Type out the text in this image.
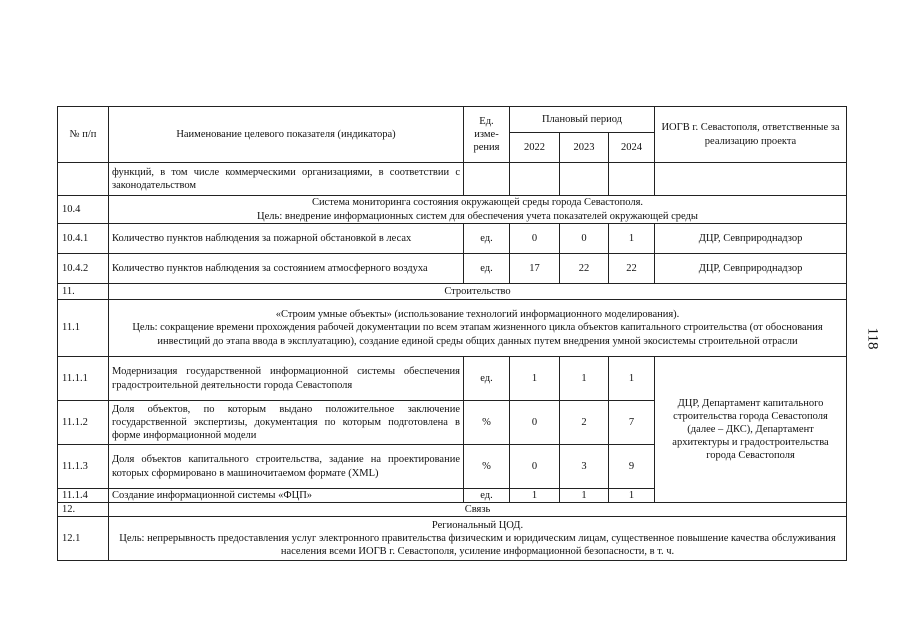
118
№ п/п	Наименование целевого показателя (индикатора)	Ед. изме-рения	Плановый период			ИОГВ г. Севастополя, ответственные за реализацию проекта
			2022	2023	2024	
	функций, в том числе коммерческими организациями, в соответствии с законодательством					
10.4	Система мониторинга состояния окружающей среды города Севастополя.
Цель: внедрение информационных систем для обеспечения учета показателей окружающей среды					

10.4.1	Количество пунктов наблюдения за пожарной обстановкой в лесах	ед.	0	0	1	ДЦР, Севприроднадзор
10.4.2	Количество пунктов наблюдения за состоянием атмосферного воздуха	ед.	17	22	22	ДЦР, Севприроднадзор
11.	Строительство					
11.1	«Строим умные объекты» (использование технологий информационного моделирования).
Цель: сокращение времени прохождения рабочей документации по всем этапам жизненного цикла объектов капитального строительства (от обоснования инвестиций до этапа ввода в эксплуатацию), создание единой среды общих данных путем внедрения умной экосистемы строительной отрасли					

11.1.1	Модернизация государственной информационной системы обеспечения градостроительной деятельности города Севастополя	ед.	1	1	1	ДЦР, Департамент капитального строительства города Севастополя (далее – ДКС), Департамент архитектуры и градостроительства города Севастополя
11.1.2	Доля объектов, по которым выдано положительное заключение государственной экспертизы, документация по которым подготовлена в форме информационной модели	%	0	2	7	
11.1.3	Доля объектов капитального строительства, задание на проектирование которых сформировано в машиночитаемом формате (XML)	%	0	3	9	
11.1.4	Создание информационной системы «ФЦП»	ед.	1	1	1	
12.	Связь					
12.1	Региональный ЦОД.
Цель: непрерывность предоставления услуг электронного правительства физическим и юридическим лицам, существенное повышение качества обслуживания населения всеми ИОГВ г. Севастополя, усиление информационной безопасности, в т. ч.					
